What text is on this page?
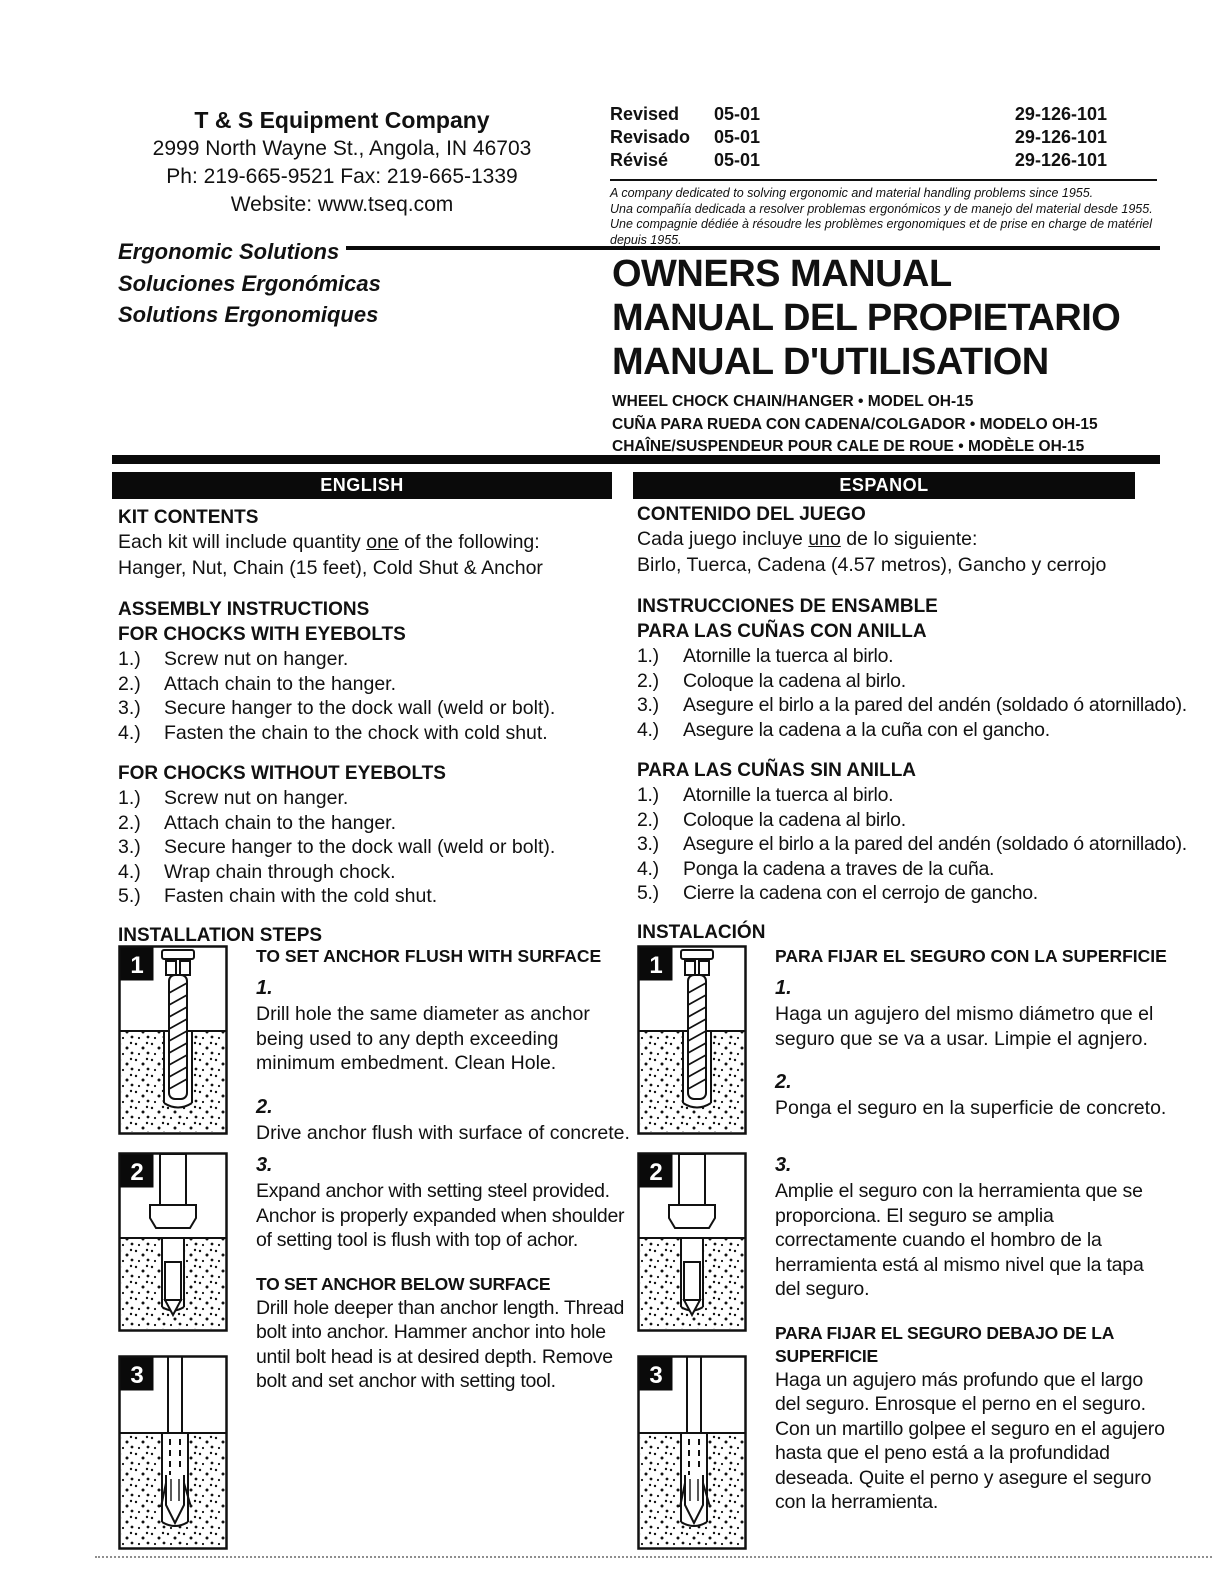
T & S Equipment Company
2999 North Wayne St., Angola, IN 46703
Ph: 219-665-9521 Fax: 219-665-1339
Website: www.tseq.com
Revised	05-01	29-126-101
Revisado	05-01	29-126-101
Révisé	05-01	29-126-101
A company dedicated to solving ergonomic and material handling problems since 1955.
Una compañía dedicada a resolver problemas ergonómicos y de manejo del material desde 1955.
Une compagnie dédiée à résoudre les problèmes ergonomiques et de prise en charge de matériel depuis 1955.
Ergonomic Solutions
Soluciones Ergonómicas
Solutions Ergonomiques
OWNERS MANUAL
MANUAL DEL PROPIETARIO
MANUAL D'UTILISATION
WHEEL CHOCK CHAIN/HANGER • MODEL OH-15
CUÑA PARA RUEDA CON CADENA/COLGADOR • MODELO OH-15
CHAÎNE/SUSPENDEUR POUR CALE DE ROUE • MODÈLE OH-15
ENGLISH	ESPANOL
KIT CONTENTS
Each kit will include quantity one of the following:
Hanger, Nut, Chain (15 feet), Cold Shut & Anchor
ASSEMBLY INSTRUCTIONS
FOR CHOCKS WITH EYEBOLTS
1.)	Screw nut on hanger.
2.)	Attach chain to the hanger.
3.)	Secure hanger to the dock wall (weld or bolt).
4.)	Fasten the chain to the chock with cold shut.
FOR CHOCKS WITHOUT EYEBOLTS
1.)	Screw nut on hanger.
2.)	Attach chain to the hanger.
3.)	Secure hanger to the dock wall (weld or bolt).
4.)	Wrap chain through chock.
5.)	Fasten chain with the cold shut.
INSTALLATION STEPS
1	TO SET ANCHOR FLUSH WITH SURFACE
1.
Drill hole the same diameter as anchor being used to any depth exceeding minimum embedment. Clean Hole.
2.
Drive anchor flush with surface of concrete.
2
3
3.
Expand anchor with setting steel provided. Anchor is properly expanded when shoulder of setting tool is flush with top of achor.
TO SET ANCHOR BELOW SURFACE
Drill hole deeper than anchor length. Thread bolt into anchor. Hammer anchor into hole until bolt head is at desired depth. Remove bolt and set anchor with setting tool.
CONTENIDO DEL JUEGO
Cada juego incluye uno de lo siguiente:
Birlo, Tuerca, Cadena (4.57 metros), Gancho y cerrojo
INSTRUCCIONES DE ENSAMBLE
PARA LAS CUÑAS CON ANILLA
1.)	Atornille la tuerca al birlo.
2.)	Coloque la cadena al birlo.
3.)	Asegure el birlo a la pared del andén (soldado ó atornillado).
4.)	Asegure la cadena a la cuña con el gancho.
PARA LAS CUÑAS SIN ANILLA
1.)	Atornille la tuerca al birlo.
2.)	Coloque la cadena al birlo.
3.)	Asegure el birlo a la pared del andén (soldado ó atornillado).
4.)	Ponga la cadena a traves de la cuña.
5.)	Cierre la cadena con el cerrojo de gancho.
INSTALACIÓN
1	PARA FIJAR EL SEGURO CON LA SUPERFICIE
1.
Haga un agujero del mismo diámetro que el seguro que se va a usar. Limpie el agnjero.
2.
Ponga el seguro en la superficie de concreto.
2
3
3.
Amplie el seguro con la herramienta que se proporciona. El seguro se amplia correctamente cuando el hombro de la herramienta está al mismo nivel que la tapa del seguro.
PARA FIJAR EL SEGURO DEBAJO DE LA SUPERFICIE
Haga un agujero más profundo que el largo del seguro. Enrosque el perno en el seguro. Con un martillo golpee el seguro en el agujero hasta que el peno está a la profundidad deseada. Quite el perno y asegure el seguro con la herramienta.
